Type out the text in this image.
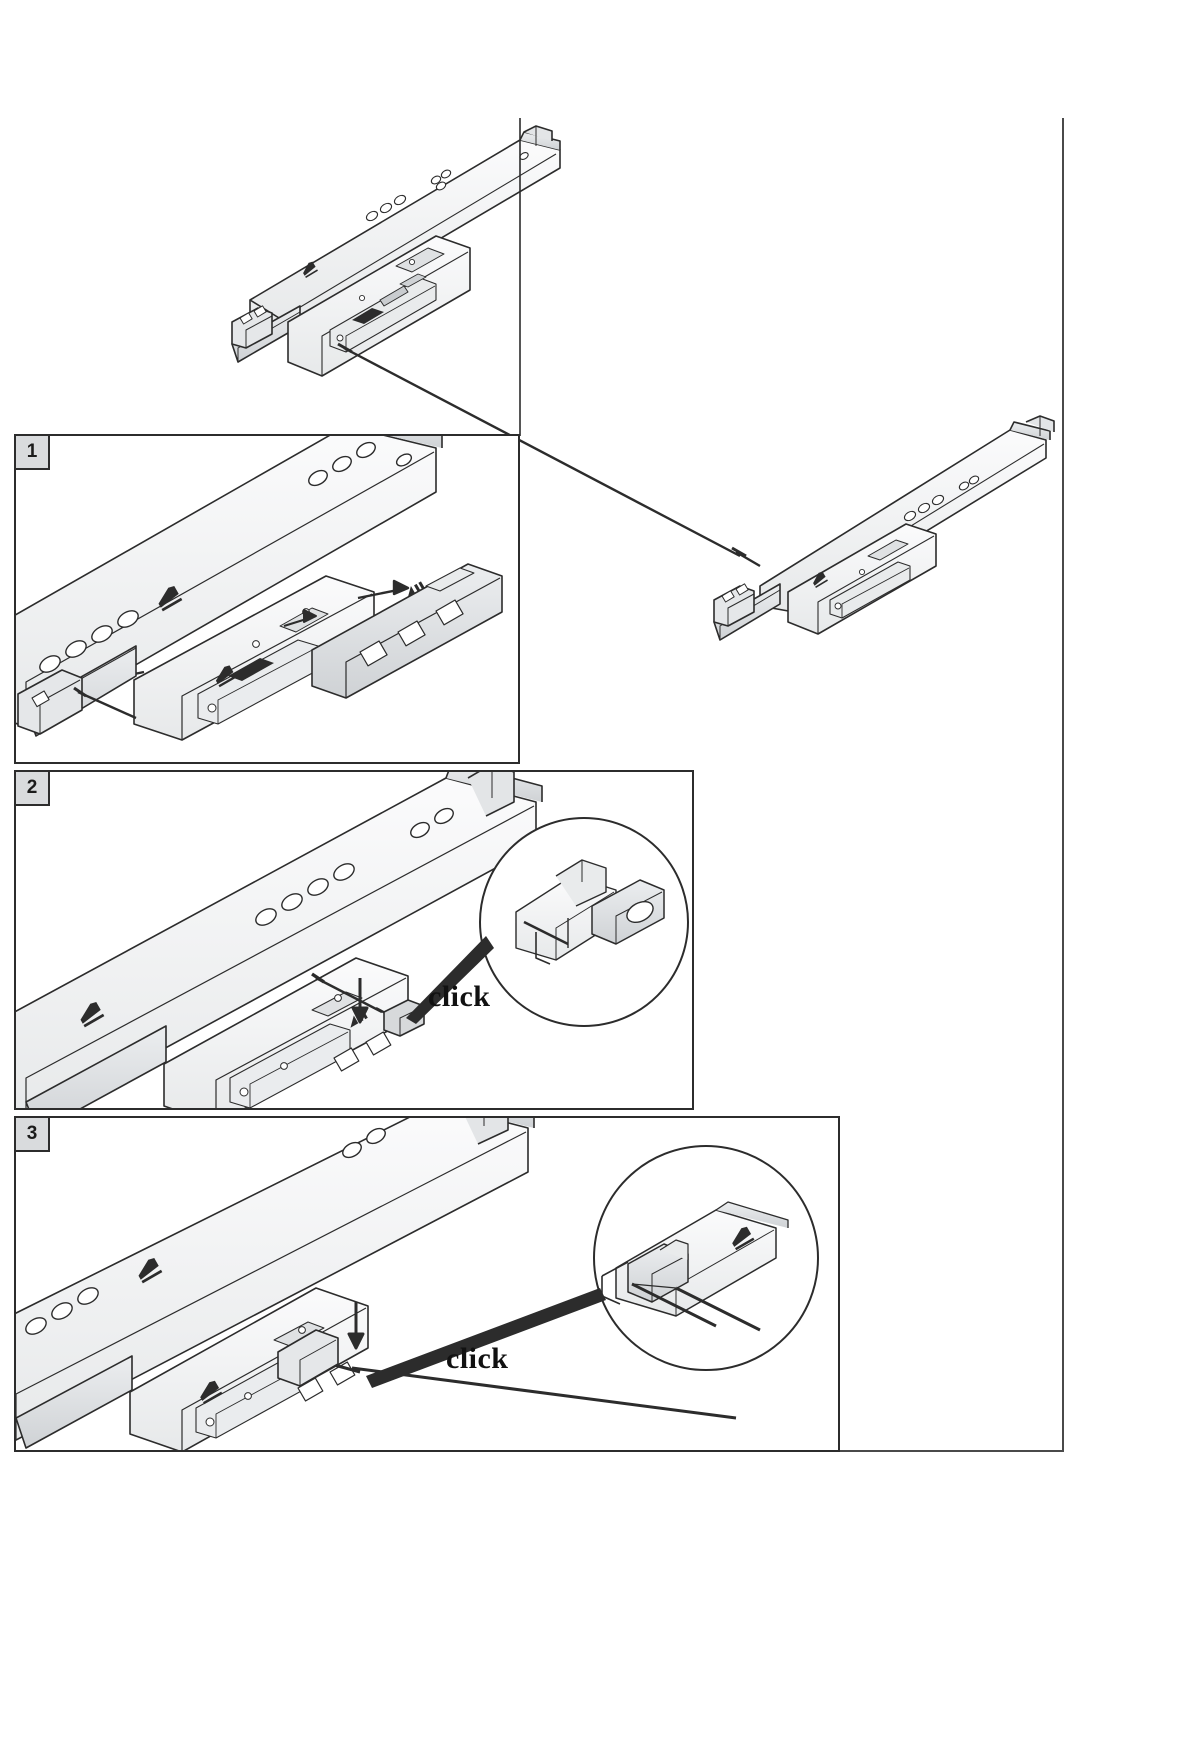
1
2
click
3
click
